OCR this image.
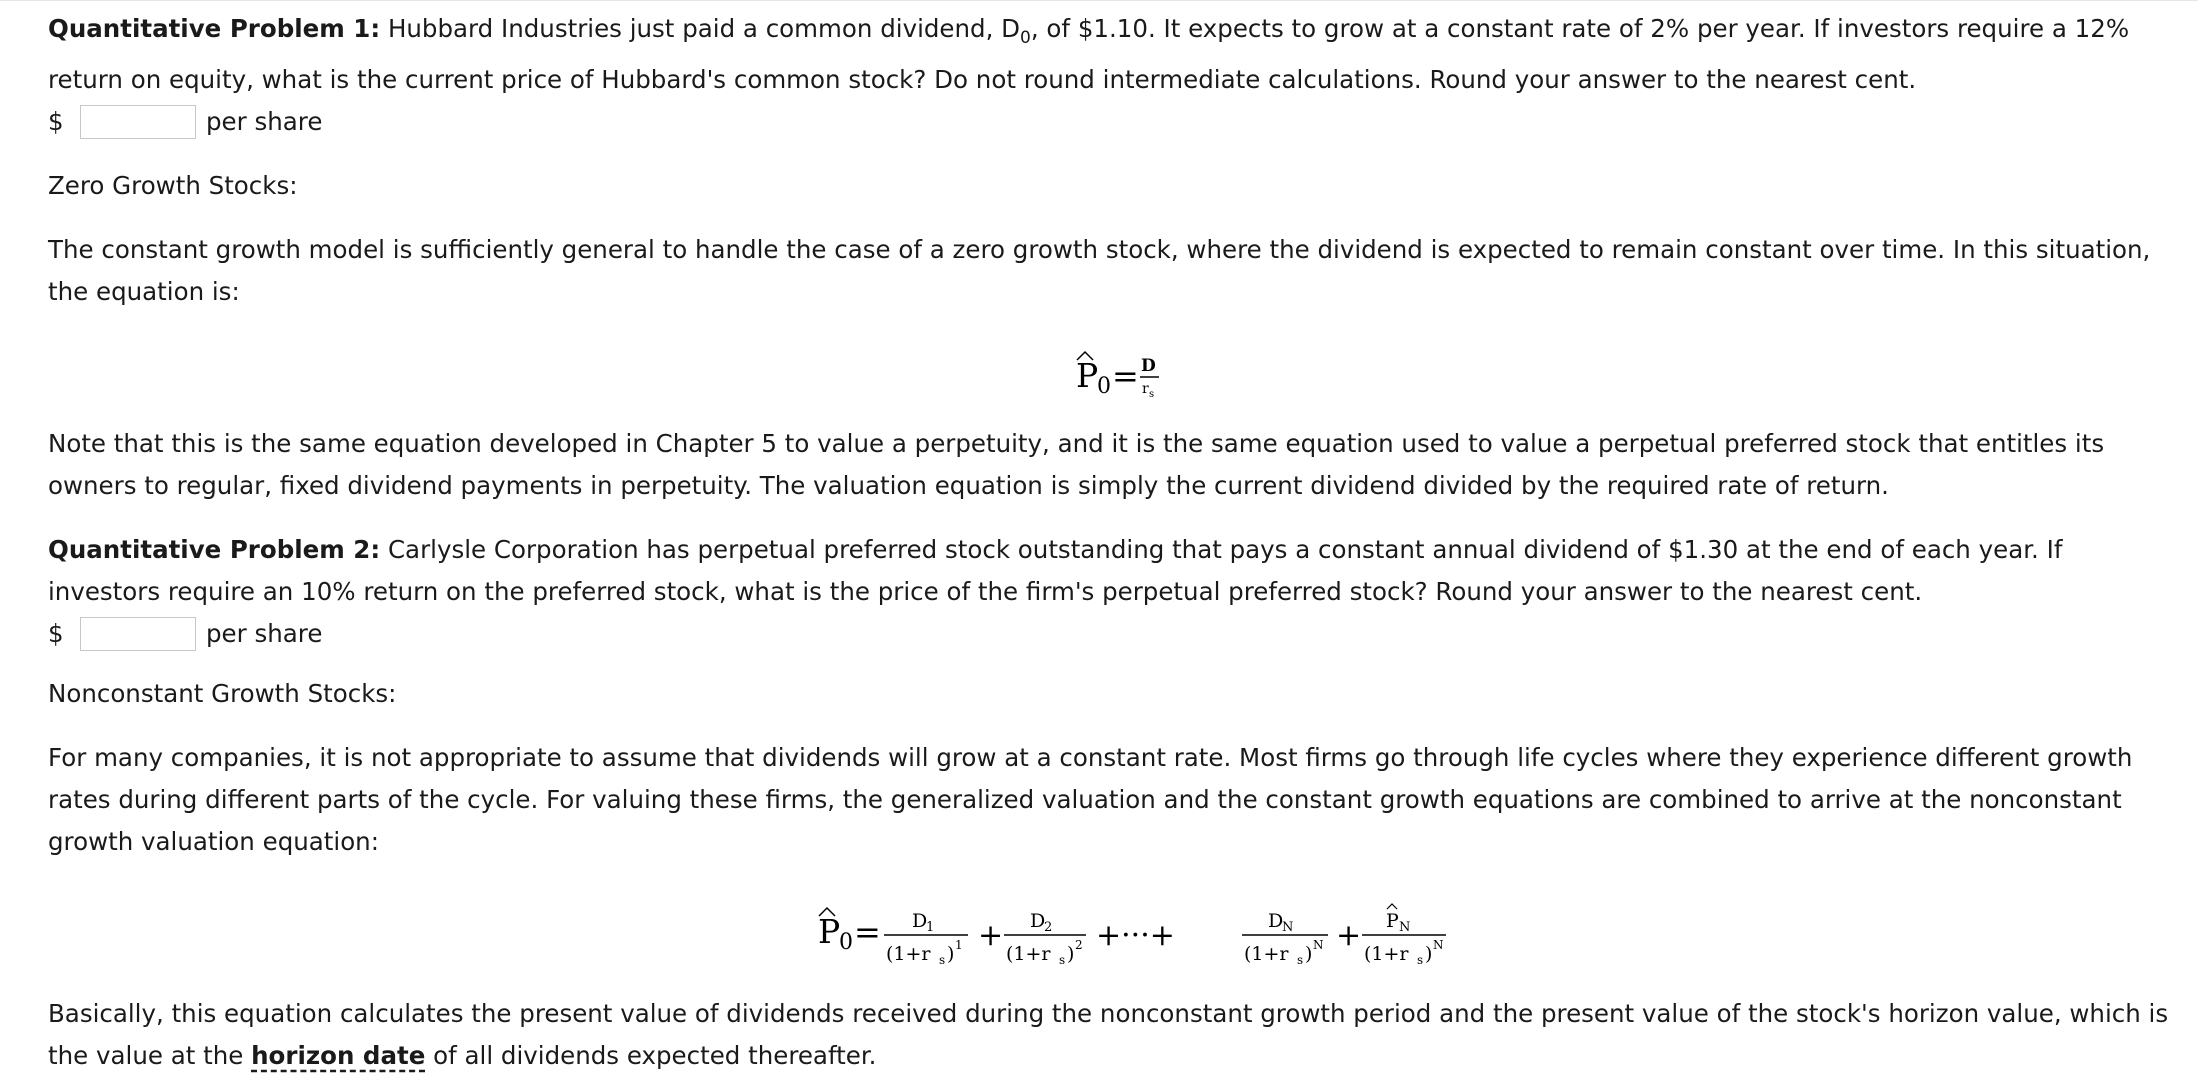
Quantitative Problem 1: Hubbard Industries just paid a common dividend, $D_0$, of $1.10. It expects to grow at a constant rate of 2% per year. If investors require a 12% return on equity, what is the current price of Hubbard's common stock? Do not round intermediate calculations. Round your answer to the nearest cent.

$	per share

Zero Growth Stocks:

The constant growth model is sufficiently general to handle the case of a zero growth stock, where the dividend is expected to remain constant over time. In this situation, the equation is:

P
0 = D
r s

Note that this is the same equation developed in Chapter 5 to value a perpetuity, and it is the same equation used to value a perpetual preferred stock that entitles its owners to regular, fixed dividend payments in perpetuity. The valuation equation is simply the current dividend divided by the required rate of return.

Quantitative Problem 2: Carlysle Corporation has perpetual preferred stock outstanding that pays a constant annual dividend of $1.30 at the end of each year. If investors require an 10% return on the preferred stock, what is the price of the firm's perpetual preferred stock? Round your answer to the nearest cent.

$	per share

Nonconstant Growth Stocks:

For many companies, it is not appropriate to assume that dividends will grow at a constant rate. Most firms go through life cycles where they experience different growth rates during different parts of the cycle. For valuing these firms, the generalized valuation and the constant growth equations are combined to arrive at the nonconstant growth valuation equation:

P
0 = D
1
(1+r s ) 1 + D
2
(1+r s ) 2 +···+	D
N
(1+r s ) N + P N
(1+r s ) N

Basically, this equation calculates the present value of dividends received during the nonconstant growth period and the present value of the stock's horizon value, which is the value at the horizon date of all dividends expected thereafter.
